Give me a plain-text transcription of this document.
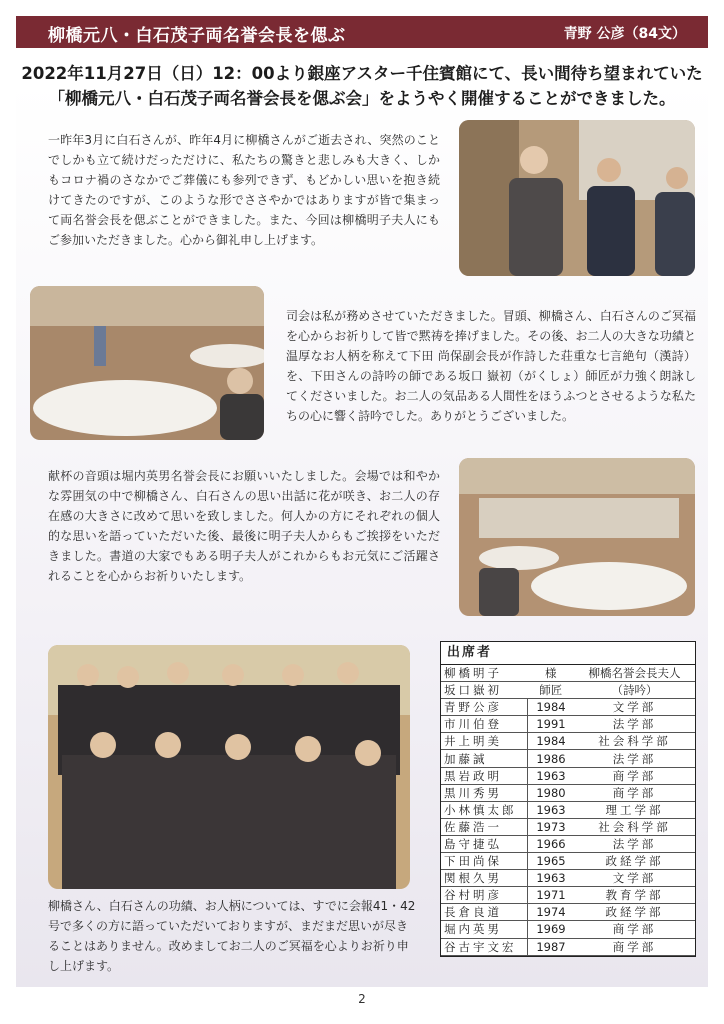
柳橋元八・白石茂子両名誉会長を偲ぶ	青野 公彦（84文）
2022年11月27日（日）12：00より銀座アスター千住賓館にて、長い間待ち望まれていた
「柳橋元八・白石茂子両名誉会長を偲ぶ会」をようやく開催することができました。
一昨年3月に白石さんが、昨年4月に柳橋さんがご逝去され、突然のことでしかも立て続けだっただけに、私たちの驚きと悲しみも大きく、しかもコロナ禍のさなかでご葬儀にも参列できず、もどかしい思いを抱き続けてきたのですが、このような形でささやかではありますが皆で集まって両名誉会長を偲ぶことができました。また、今回は柳橋明子夫人にもご参加いただきました。心から御礼申し上げます。
司会は私が務めさせていただきました。冒頭、柳橋さん、白石さんのご冥福を心からお祈りして皆で黙祷を捧げました。その後、お二人の大きな功績と温厚なお人柄を称えて下田 尚保副会長が作詩した荘重な七言絶句（漢詩）を、下田さんの詩吟の師である坂口 嶽初（がくしょ）師匠が力強く朗詠してくださいました。お二人の気品ある人間性をほうふつとさせるような私たちの心に響く詩吟でした。ありがとうございました。
献杯の音頭は堀内英男名誉会長にお願いいたしました。会場では和やかな雰囲気の中で柳橋さん、白石さんの思い出話に花が咲き、お二人の存在感の大きさに改めて思いを致しました。何人かの方にそれぞれの個人的な思いを語っていただいた後、最後に明子夫人からもご挨拶をいただきました。書道の大家でもある明子夫人がこれからもお元気にご活躍されることを心からお祈りいたします。
柳橋さん、白石さんの功績、お人柄については、すでに会報41・42号で多くの方に語っていただいておりますが、まだまだ思いが尽きることはありません。改めましてお二人のご冥福を心よりお祈り申し上げます。
出席者
柳橋明子	様	柳橋名誉会長夫人
坂口嶽初	師匠	（詩吟）
青野公彦	1984	文学部
市川伯登	1991	法学部
井上明美	1984	社会科学部
加藤誠	1986	法学部
黒岩政明	1963	商学部
黒川秀男	1980	商学部
小林慎太郎	1963	理工学部
佐藤浩一	1973	社会科学部
島守捷弘	1966	法学部
下田尚保	1965	政経学部
関根久男	1963	文学部
谷村明彦	1971	教育学部
長倉良道	1974	政経学部
堀内英男	1969	商学部
谷古宇文宏	1987	商学部
2
